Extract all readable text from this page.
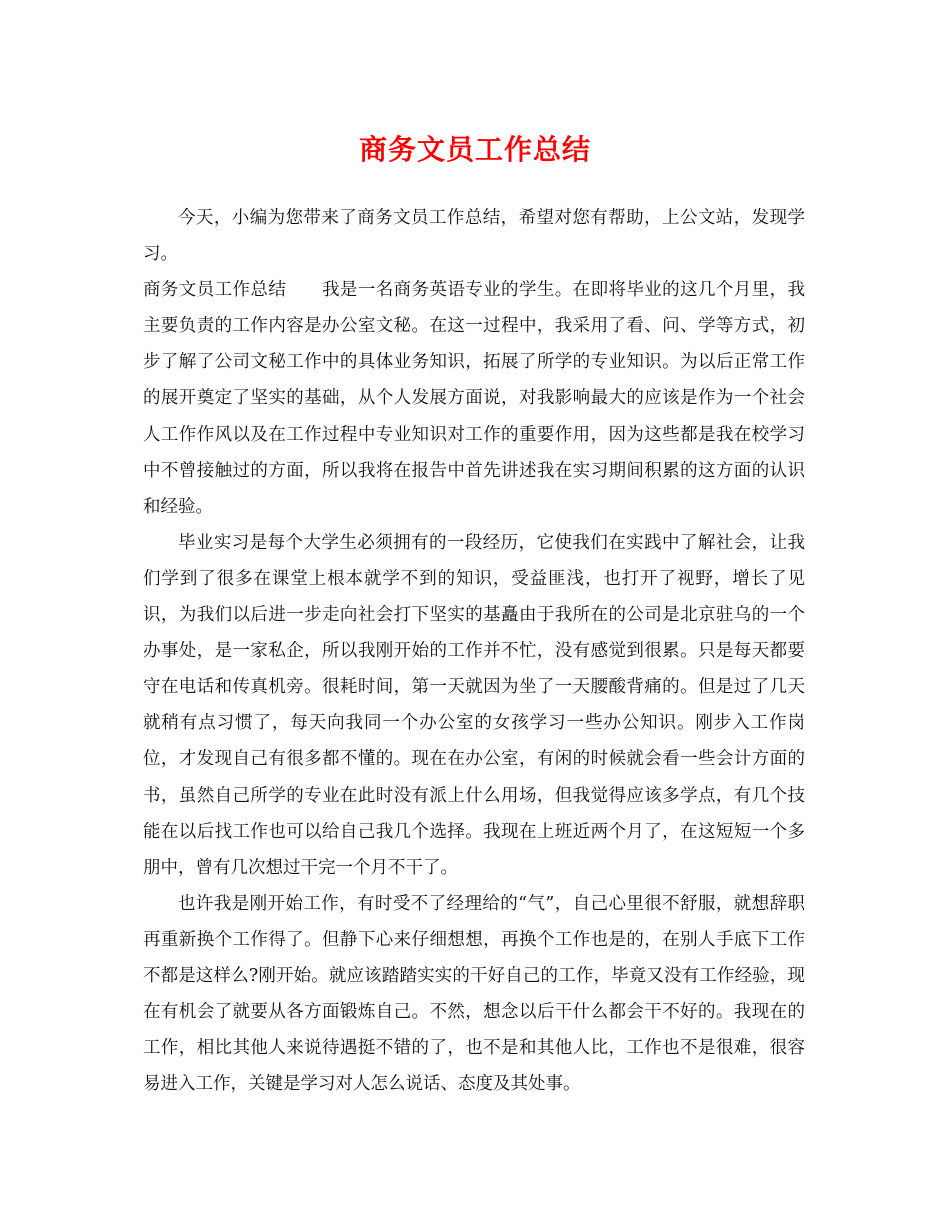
商务文员工作总结

今天，小编为您带来了商务文员工作总结，希望对您有帮助，上公文站，发现学习。

商务文员工作总结　　我是一名商务英语专业的学生。在即将毕业的这几个月里，我主要负责的工作内容是办公室文秘。在这一过程中，我采用了看、问、学等方式，初步了解了公司文秘工作中的具体业务知识，拓展了所学的专业知识。为以后正常工作的展开奠定了坚实的基础，从个人发展方面说，对我影响最大的应该是作为一个社会人工作作风以及在工作过程中专业知识对工作的重要作用，因为这些都是我在校学习中不曾接触过的方面，所以我将在报告中首先讲述我在实习期间积累的这方面的认识和经验。

毕业实习是每个大学生必须拥有的一段经历，它使我们在实践中了解社会，让我们学到了很多在课堂上根本就学不到的知识，受益匪浅，也打开了视野，增长了见识，为我们以后进一步走向社会打下坚实的基矗由于我所在的公司是北京驻乌的一个办事处，是一家私企，所以我刚开始的工作并不忙，没有感觉到很累。只是每天都要守在电话和传真机旁。很耗时间，第一天就因为坐了一天腰酸背痛的。但是过了几天就稍有点习惯了，每天向我同一个办公室的女孩学习一些办公知识。刚步入工作岗位，才发现自己有很多都不懂的。现在在办公室，有闲的时候就会看一些会计方面的书，虽然自己所学的专业在此时没有派上什么用场，但我觉得应该多学点，有几个技能在以后找工作也可以给自己我几个选择。我现在上班近两个月了，在这短短一个多朋中，曾有几次想过干完一个月不干了。

也许我是刚开始工作，有时受不了经理给的“气”，自己心里很不舒服，就想辞职再重新换个工作得了。但静下心来仔细想想，再换个工作也是的，在别人手底下工作不都是这样么?刚开始。就应该踏踏实实的干好自己的工作，毕竟又没有工作经验，现在有机会了就要从各方面锻炼自己。不然，想念以后干什么都会干不好的。我现在的工作，相比其他人来说待遇挺不错的了，也不是和其他人比，工作也不是很难，很容易进入工作，关键是学习对人怎么说话、态度及其处事。
